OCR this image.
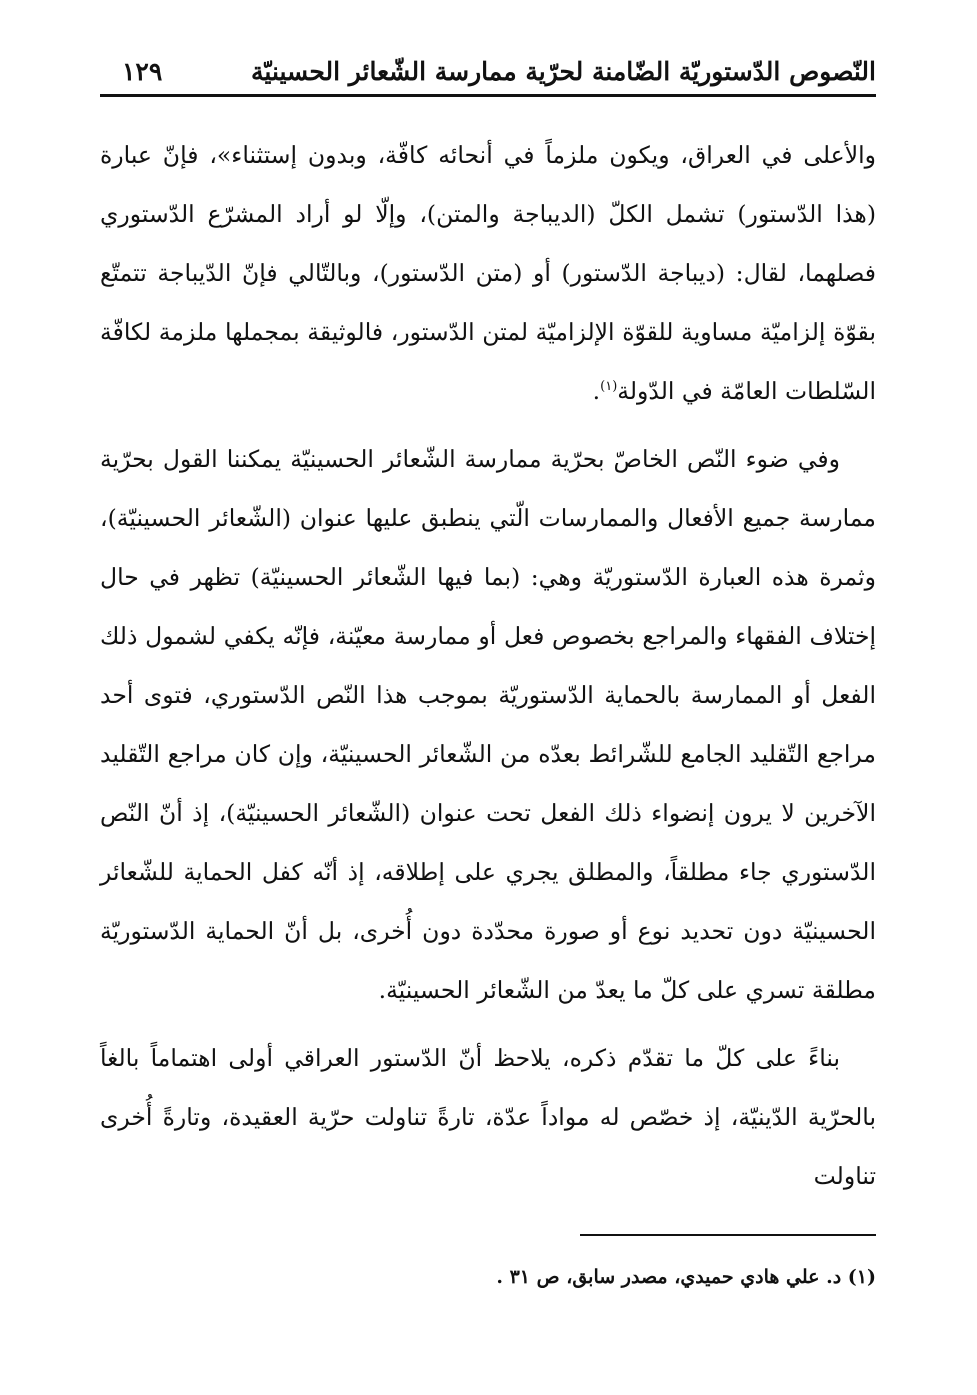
النّصوص الدّستوريّة الضّامنة لحرّية ممارسة الشّعائر الحسينيّة
١٢٩

والأعلى في العراق، ويكون ملزماً في أنحائه كافّة، وبدون إستثناء»، فإنّ عبارة (هذا الدّستور) تشمل الكلّ (الديباجة والمتن)، وإلّا لو أراد المشرّع الدّستوري فصلهما، لقال: (ديباجة الدّستور) أو (متن الدّستور)، وبالتّالي فإنّ الدّيباجة تتمتّع بقوّة إلزاميّة مساوية للقوّة الإلزاميّة لمتن الدّستور، فالوثيقة بمجملها ملزمة لكافّة السّلطات العامّة في الدّولة$^{(١)}$.

وفي ضوء النّص الخاصّ بحرّية ممارسة الشّعائر الحسينيّة يمكننا القول بحرّية ممارسة جميع الأفعال والممارسات الّتي ينطبق عليها عنوان (الشّعائر الحسينيّة)، وثمرة هذه العبارة الدّستوريّة وهي: (بما فيها الشّعائر الحسينيّة) تظهر في حال إختلاف الفقهاء والمراجع بخصوص فعل أو ممارسة معيّنة، فإنّه يكفي لشمول ذلك الفعل أو الممارسة بالحماية الدّستوريّة بموجب هذا النّص الدّستوري، فتوى أحد مراجع التّقليد الجامع للشّرائط بعدّه من الشّعائر الحسينيّة، وإن كان مراجع التّقليد الآخرين لا يرون إنضواء ذلك الفعل تحت عنوان (الشّعائر الحسينيّة)، إذ أنّ النّص الدّستوري جاء مطلقاً، والمطلق يجري على إطلاقه، إذ أنّه كفل الحماية للشّعائر الحسينيّة دون تحديد نوع أو صورة محدّدة دون أُخرى، بل أنّ الحماية الدّستوريّة مطلقة تسري على كلّ ما يعدّ من الشّعائر الحسينيّة.

بناءً على كلّ ما تقدّم ذكره، يلاحظ أنّ الدّستور العراقي أولى اهتماماً بالغاً بالحرّية الدّينيّة، إذ خصّص له مواداً عدّة، تارةً تناولت حرّية العقيدة، وتارةً أُخرى تناولت

(١) د. علي هادي حميدي، مصدر سابق، ص ٣١ .
